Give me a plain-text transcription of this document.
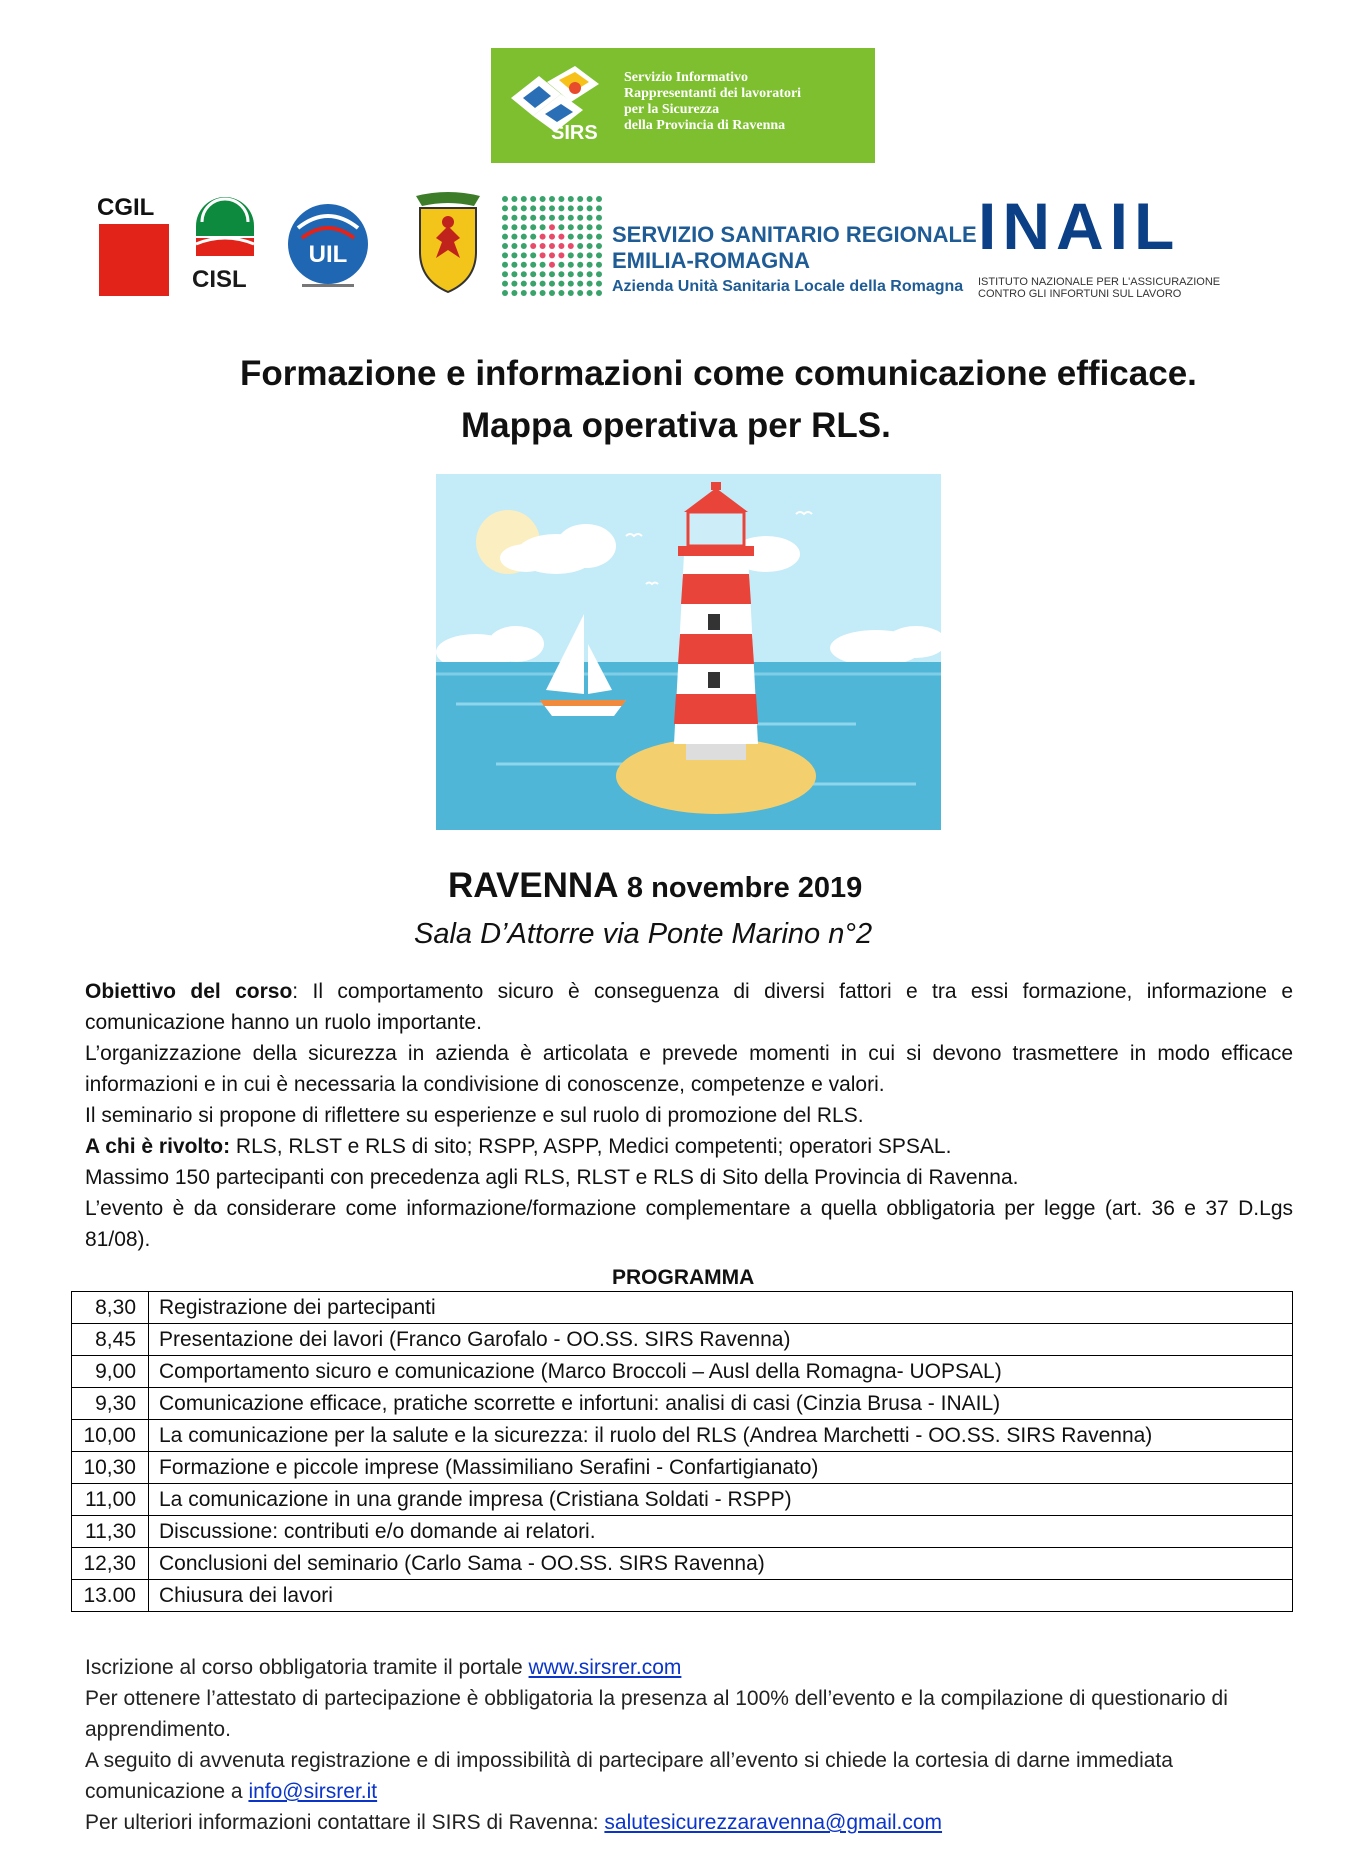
SIRS
Servizio Informativo
Rappresentanti dei lavoratori
per la Sicurezza
della Provincia di Ravenna
CGIL
CISL
UIL
SERVIZIO SANITARIO REGIONALE
EMILIA-ROMAGNA
Azienda Unità Sanitaria Locale della Romagna
INAIL
ISTITUTO NAZIONALE PER L'ASSICURAZIONE
CONTRO GLI INFORTUNI SUL LAVORO
Formazione e informazioni come comunicazione efficace.
Mappa operativa per RLS.
RAVENNA 8 novembre 2019
Sala D’Attorre via Ponte Marino n°2

Obiettivo del corso: Il comportamento sicuro è conseguenza di diversi fattori e tra essi formazione, informazione e comunicazione hanno un ruolo importante.

L’organizzazione della sicurezza in azienda è articolata e prevede momenti in cui si devono trasmettere in modo efficace informazioni e in cui è necessaria la condivisione di conoscenze, competenze e valori.

Il seminario si propone di riflettere su esperienze e sul ruolo di promozione del RLS.

A chi è rivolto: RLS, RLST e RLS di sito; RSPP, ASPP, Medici competenti; operatori SPSAL.

Massimo 150 partecipanti con precedenza agli RLS, RLST e RLS di Sito della Provincia di Ravenna.

L’evento è da considerare come informazione/formazione complementare a quella obbligatoria per legge (art. 36 e 37 D.Lgs 81/08).

PROGRAMMA
8,30	Registrazione dei partecipanti
8,45	Presentazione dei lavori (Franco Garofalo - OO.SS. SIRS Ravenna)
9,00	Comportamento sicuro e comunicazione (Marco Broccoli – Ausl della Romagna- UOPSAL)
9,30	Comunicazione efficace, pratiche scorrette e infortuni: analisi di casi (Cinzia Brusa - INAIL)
10,00	La comunicazione per la salute e la sicurezza: il ruolo del RLS (Andrea Marchetti - OO.SS. SIRS Ravenna)
10,30	Formazione e piccole imprese (Massimiliano Serafini - Confartigianato)
11,00	La comunicazione in una grande impresa (Cristiana Soldati - RSPP)
11,30	Discussione: contributi e/o domande ai relatori.
12,30	Conclusioni del seminario (Carlo Sama - OO.SS. SIRS Ravenna)
13.00	Chiusura dei lavori

Iscrizione al corso obbligatoria tramite il portale www.sirsrer.com

Per ottenere l’attestato di partecipazione è obbligatoria la presenza al 100% dell’evento e la compilazione di questionario di apprendimento.

A seguito di avvenuta registrazione e di impossibilità di partecipare all’evento si chiede la cortesia di darne immediata comunicazione a info@sirsrer.it

Per ulteriori informazioni contattare il SIRS di Ravenna: salutesicurezzaravenna@gmail.com
